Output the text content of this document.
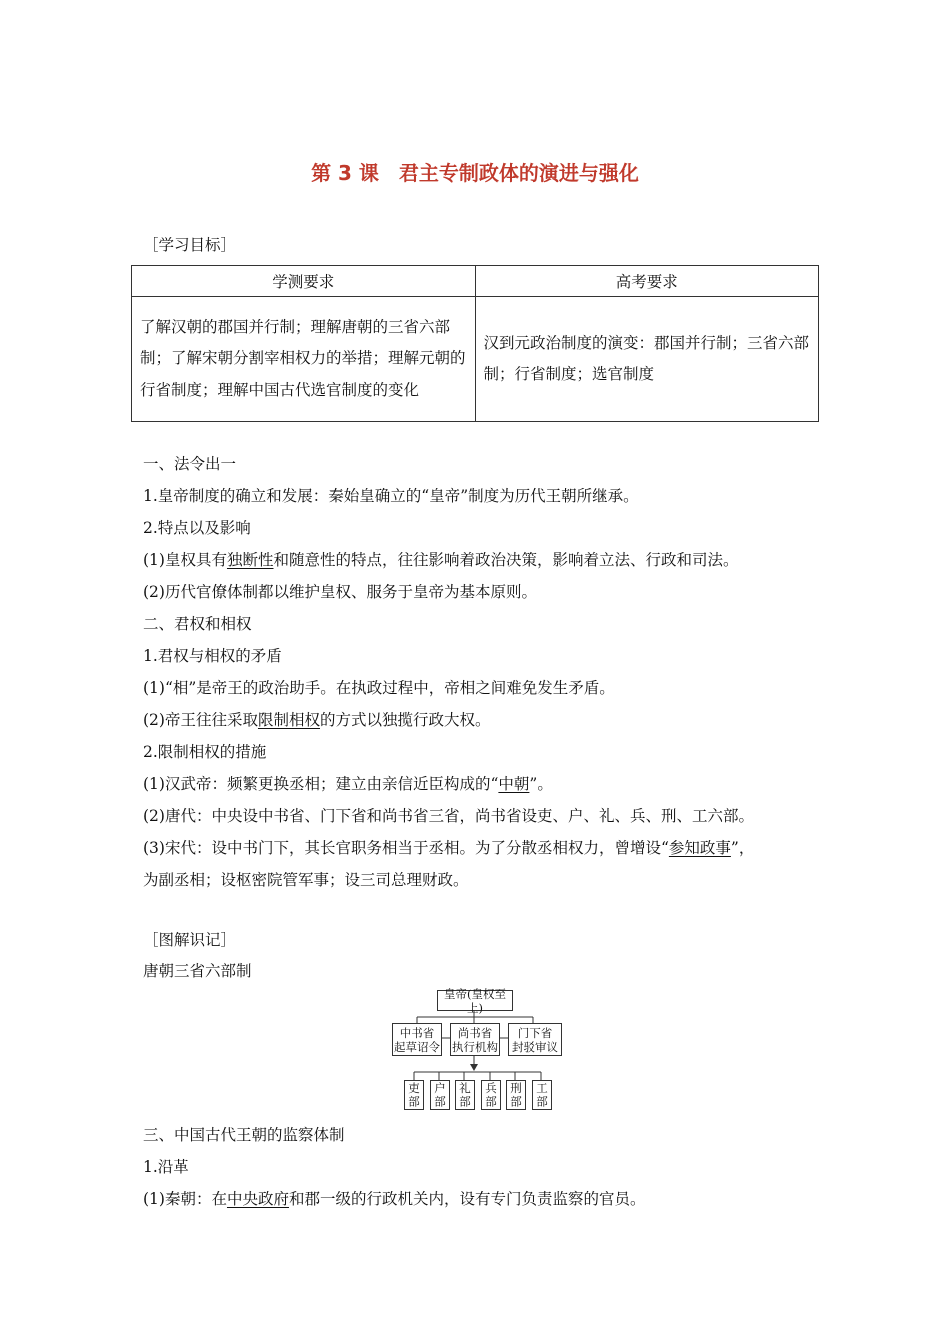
第 3 课　君主专制政体的演进与强化
［学习目标］
学测要求	高考要求
了解汉朝的郡国并行制；理解唐朝的三省六部制；了解宋朝分割宰相权力的举措；理解元朝的行省制度；理解中国古代选官制度的变化	汉到元政治制度的演变：郡国并行制；三省六部制；行省制度；选官制度
一、法令出一
1.皇帝制度的确立和发展：秦始皇确立的“皇帝”制度为历代王朝所继承。
2.特点以及影响
(1)皇权具有独断性和随意性的特点，往往影响着政治决策，影响着立法、行政和司法。
(2)历代官僚体制都以维护皇权、服务于皇帝为基本原则。
二、君权和相权
1.君权与相权的矛盾
(1)“相”是帝王的政治助手。在执政过程中，帝相之间难免发生矛盾。
(2)帝王往往采取限制相权的方式以独揽行政大权。
2.限制相权的措施
(1)汉武帝：频繁更换丞相；建立由亲信近臣构成的“中朝”。
(2)唐代：中央设中书省、门下省和尚书省三省，尚书省设吏、户、礼、兵、刑、工六部。
(3)宋代：设中书门下，其长官职务相当于丞相。为了分散丞相权力，曾增设“参知政事”，
为副丞相；设枢密院管军事；设三司总理财政。
［图解识记］
唐朝三省六部制
皇帝(皇权至上)
中书省
起草诏令
尚书省
执行机构
门下省
封驳审议
吏部 户部 礼部 兵部 刑部 工部
三、中国古代王朝的监察体制
1.沿革
(1)秦朝：在中央政府和郡一级的行政机关内，设有专门负责监察的官员。
